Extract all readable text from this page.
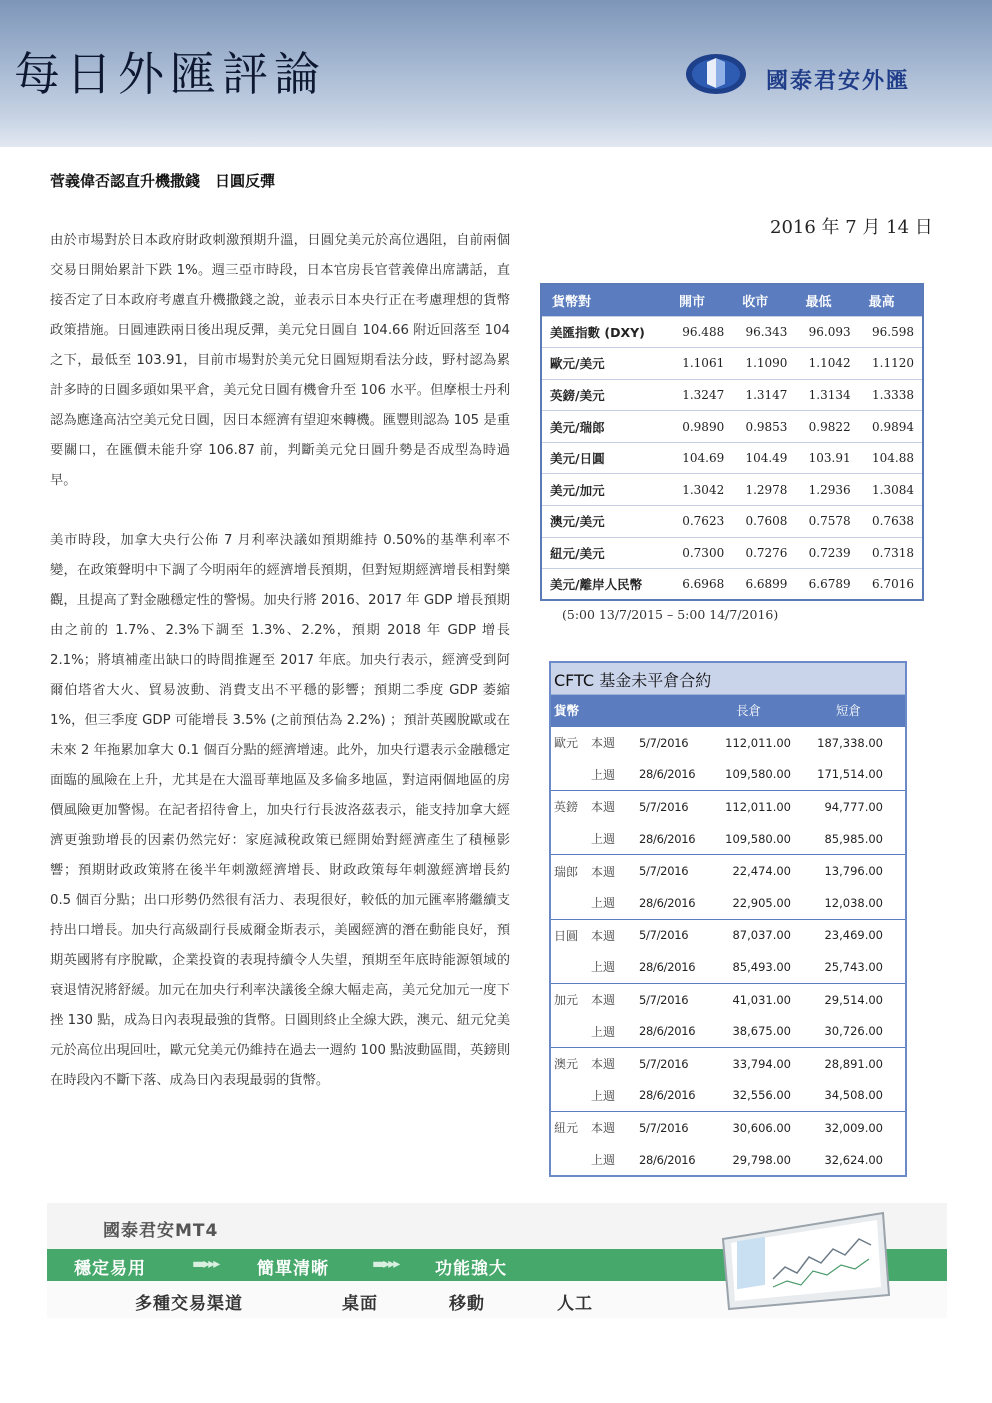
每日外匯評論	國泰君安外匯
菅義偉否認直升機撒錢　日圓反彈
2016 年 7 月 14 日

由於市場對於日本政府財政刺激預期升溫，日圓兌美元於高位遇阻，自前兩個交易日開始累計下跌 1%。週三亞市時段，日本官房長官菅義偉出席講話，直接否定了日本政府考慮直升機撒錢之說，並表示日本央行正在考慮理想的貨幣政策措施。日圓連跌兩日後出現反彈，美元兌日圓自 104.66 附近回落至 104 之下，最低至 103.91，目前市場對於美元兌日圓短期看法分歧，野村認為累計多時的日圓多頭如果平倉，美元兌日圓有機會升至 106 水平。但摩根士丹利認為應逢高沽空美元兌日圓，因日本經濟有望迎來轉機。匯豐則認為 105 是重要關口，在匯價未能升穿 106.87 前，判斷美元兌日圓升勢是否成型為時過早。

美市時段，加拿大央行公佈 7 月利率決議如預期維持 0.50%的基準利率不變，在政策聲明中下調了今明兩年的經濟增長預期，但對短期經濟增長相對樂觀，且提高了對金融穩定性的警惕。加央行將 2016、2017 年 GDP 增長預期由之前的 1.7%、2.3%下調至 1.3%、2.2%，預期 2018 年 GDP 增長 2.1%；將填補產出缺口的時間推遲至 2017 年底。加央行表示，經濟受到阿爾伯塔省大火、貿易波動、消費支出不平穩的影響；預期二季度 GDP 萎縮 1%，但三季度 GDP 可能增長 3.5% (之前預估為 2.2%) ；預計英國脫歐或在未來 2 年拖累加拿大 0.1 個百分點的經濟增速。此外，加央行還表示金融穩定面臨的風險在上升，尤其是在大溫哥華地區及多倫多地區，對這兩個地區的房價風險更加警惕。在記者招待會上，加央行行長波洛茲表示，能支持加拿大經濟更強勁增長的因素仍然完好：家庭減稅政策已經開始對經濟產生了積極影響；預期財政政策將在後半年刺激經濟增長、財政政策每年刺激經濟增長約 0.5 個百分點；出口形勢仍然很有活力、表現很好，較低的加元匯率將繼續支持出口增長。加央行高級副行長威爾金斯表示，美國經濟的潛在動能良好，預期英國將有序脫歐，企業投資的表現持續令人失望，預期至年底時能源領域的衰退情況將舒緩。加元在加央行利率決議後全線大幅走高，美元兌加元一度下挫 130 點，成為日內表現最強的貨幣。日圓則終止全線大跌，澳元、紐元兌美元於高位出現回吐，歐元兌美元仍維持在過去一週約 100 點波動區間，英鎊則在時段內不斷下落、成為日內表現最弱的貨幣。

貨幣對	開市	收市	最低	最高
美匯指數 (DXY)	96.488	96.343	96.093	96.598
歐元/美元	1.1061	1.1090	1.1042	1.1120
英鎊/美元	1.3247	1.3147	1.3134	1.3338
美元/瑞郎	0.9890	0.9853	0.9822	0.9894
美元/日圓	104.69	104.49	103.91	104.88
美元/加元	1.3042	1.2978	1.2936	1.3084
澳元/美元	0.7623	0.7608	0.7578	0.7638
紐元/美元	0.7300	0.7276	0.7239	0.7318
美元/離岸人民幣	6.6968	6.6899	6.6789	6.7016
(5:00 13/7/2015 – 5:00 14/7/2016)
CFTC 基金未平倉合約
貨幣	長倉	短倉
歐元	本週	5/7/2016	112,011.00	187,338.00
上週	28/6/2016	109,580.00	171,514.00
英鎊	本週	5/7/2016	112,011.00	94,777.00
上週	28/6/2016	109,580.00	85,985.00
瑞郎	本週	5/7/2016	22,474.00	13,796.00
上週	28/6/2016	22,905.00	12,038.00
日圓	本週	5/7/2016	87,037.00	23,469.00
上週	28/6/2016	85,493.00	25,743.00
加元	本週	5/7/2016	41,031.00	29,514.00
上週	28/6/2016	38,675.00	30,726.00
澳元	本週	5/7/2016	33,794.00	28,891.00
上週	28/6/2016	32,556.00	34,508.00
紐元	本週	5/7/2016	30,606.00	32,009.00
上週	28/6/2016	29,798.00	32,624.00
國泰君安MT4
穩定易用	▬▸▸▸ 簡單清晰	▬▸▸▸ 功能強大
多種交易渠道	桌面	移動	人工
